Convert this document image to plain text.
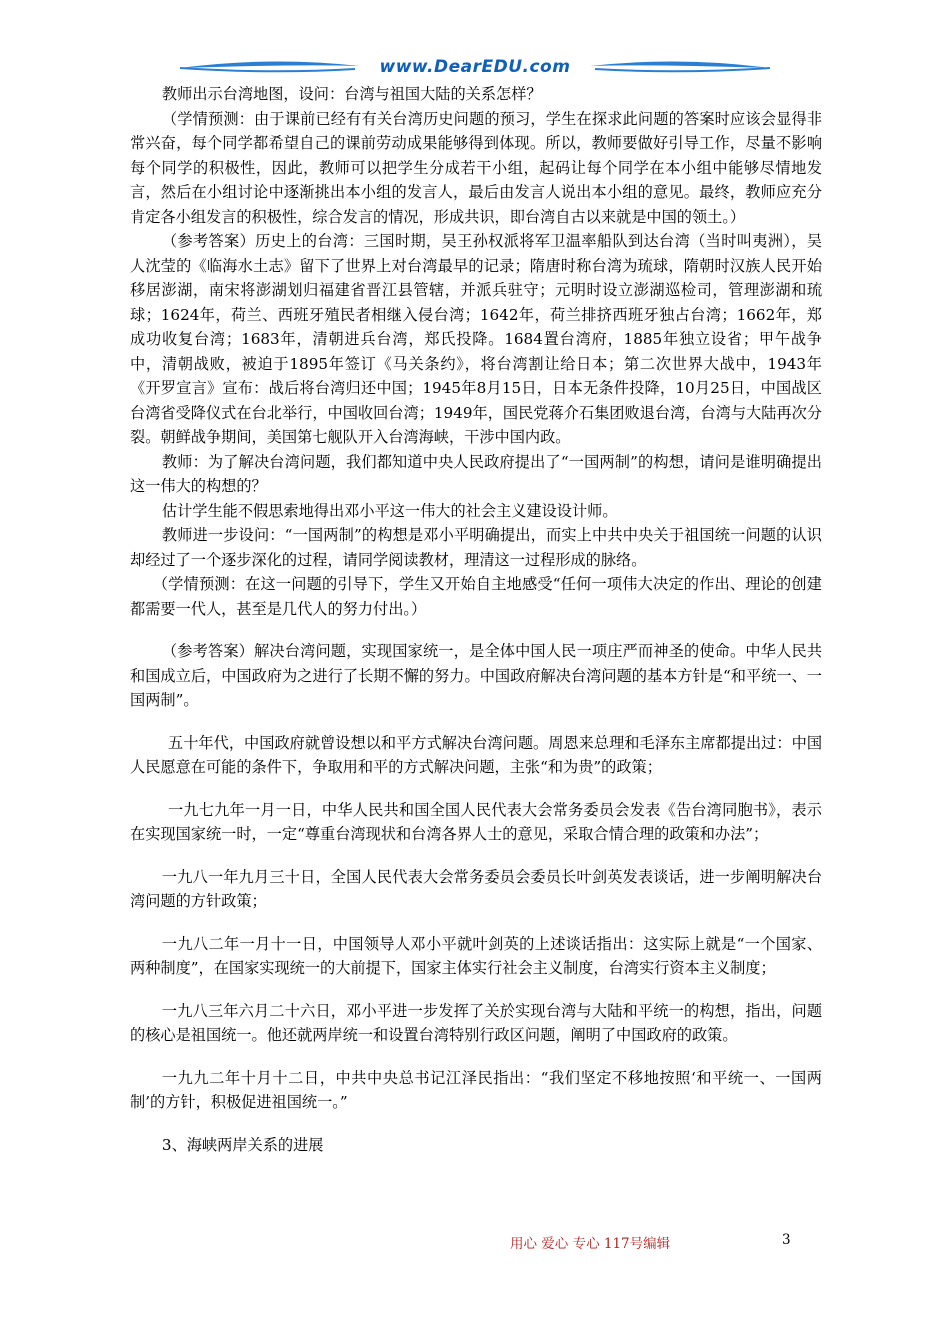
www.DearEDU.com

教师出示台湾地图，设问：台湾与祖国大陆的关系怎样？

（学情预测：由于课前已经有有关台湾历史问题的预习，学生在探求此问题的答案时应该会显得非常兴奋，每个同学都希望自己的课前劳动成果能够得到体现。所以，教师要做好引导工作，尽量不影响每个同学的积极性，因此，教师可以把学生分成若干小组，起码让每个同学在本小组中能够尽情地发言，然后在小组讨论中逐渐挑出本小组的发言人，最后由发言人说出本小组的意见。最终，教师应充分肯定各小组发言的积极性，综合发言的情况，形成共识，即台湾自古以来就是中国的领土。）

（参考答案）历史上的台湾：三国时期，吴王孙权派将军卫温率船队到达台湾（当时叫夷洲），吴人沈莹的《临海水土志》留下了世界上对台湾最早的记录；隋唐时称台湾为琉球，隋朝时汉族人民开始移居澎湖，南宋将澎湖划归福建省晋江县管辖，并派兵驻守；元明时设立澎湖巡检司，管理澎湖和琉球；1624年，荷兰、西班牙殖民者相继入侵台湾；1642年，荷兰排挤西班牙独占台湾；1662年，郑成功收复台湾；1683年，清朝进兵台湾，郑氏投降。1684置台湾府，1885年独立设省；甲午战争中，清朝战败，被迫于1895年签订《马关条约》，将台湾割让给日本；第二次世界大战中，1943年《开罗宣言》宣布：战后将台湾归还中国；1945年8月15日，日本无条件投降，10月25日，中国战区台湾省受降仪式在台北举行，中国收回台湾；1949年，国民党蒋介石集团败退台湾，台湾与大陆再次分裂。朝鲜战争期间，美国第七舰队开入台湾海峡，干涉中国内政。

教师：为了解决台湾问题，我们都知道中央人民政府提出了“一国两制”的构想，请问是谁明确提出这一伟大的构想的？

估计学生能不假思索地得出邓小平这一伟大的社会主义建设设计师。

教师进一步设问：“一国两制”的构想是邓小平明确提出，而实上中共中央关于祖国统一问题的认识却经过了一个逐步深化的过程，请同学阅读教材，理清这一过程形成的脉络。

（学情预测：在这一问题的引导下，学生又开始自主地感受“任何一项伟大决定的作出、理论的创建都需要一代人，甚至是几代人的努力付出。）

（参考答案）解决台湾问题，实现国家统一，是全体中国人民一项庄严而神圣的使命。中华人民共和国成立后，中国政府为之进行了长期不懈的努力。中国政府解决台湾问题的基本方针是“和平统一、一国两制”。

五十年代，中国政府就曾设想以和平方式解决台湾问题。周恩来总理和毛泽东主席都提出过：中国人民愿意在可能的条件下，争取用和平的方式解决问题，主张“和为贵”的政策；

一九七九年一月一日，中华人民共和国全国人民代表大会常务委员会发表《告台湾同胞书》，表示在实现国家统一时，一定“尊重台湾现状和台湾各界人士的意见，采取合情合理的政策和办法”；

一九八一年九月三十日，全国人民代表大会常务委员会委员长叶剑英发表谈话，进一步阐明解决台湾问题的方针政策；

一九八二年一月十一日，中国领导人邓小平就叶剑英的上述谈话指出：这实际上就是“一个国家、两种制度”，在国家实现统一的大前提下，国家主体实行社会主义制度，台湾实行资本主义制度；

一九八三年六月二十六日，邓小平进一步发挥了关於实现台湾与大陆和平统一的构想，指出，问题的核心是祖国统一。他还就两岸统一和设置台湾特别行政区问题，阐明了中国政府的政策。

一九九二年十月十二日，中共中央总书记江泽民指出：“我们坚定不移地按照‘和平统一、一国两制’的方针，积极促进祖国统一。”

3、海峡两岸关系的进展

用心 爱心 专心 117号编辑	3
